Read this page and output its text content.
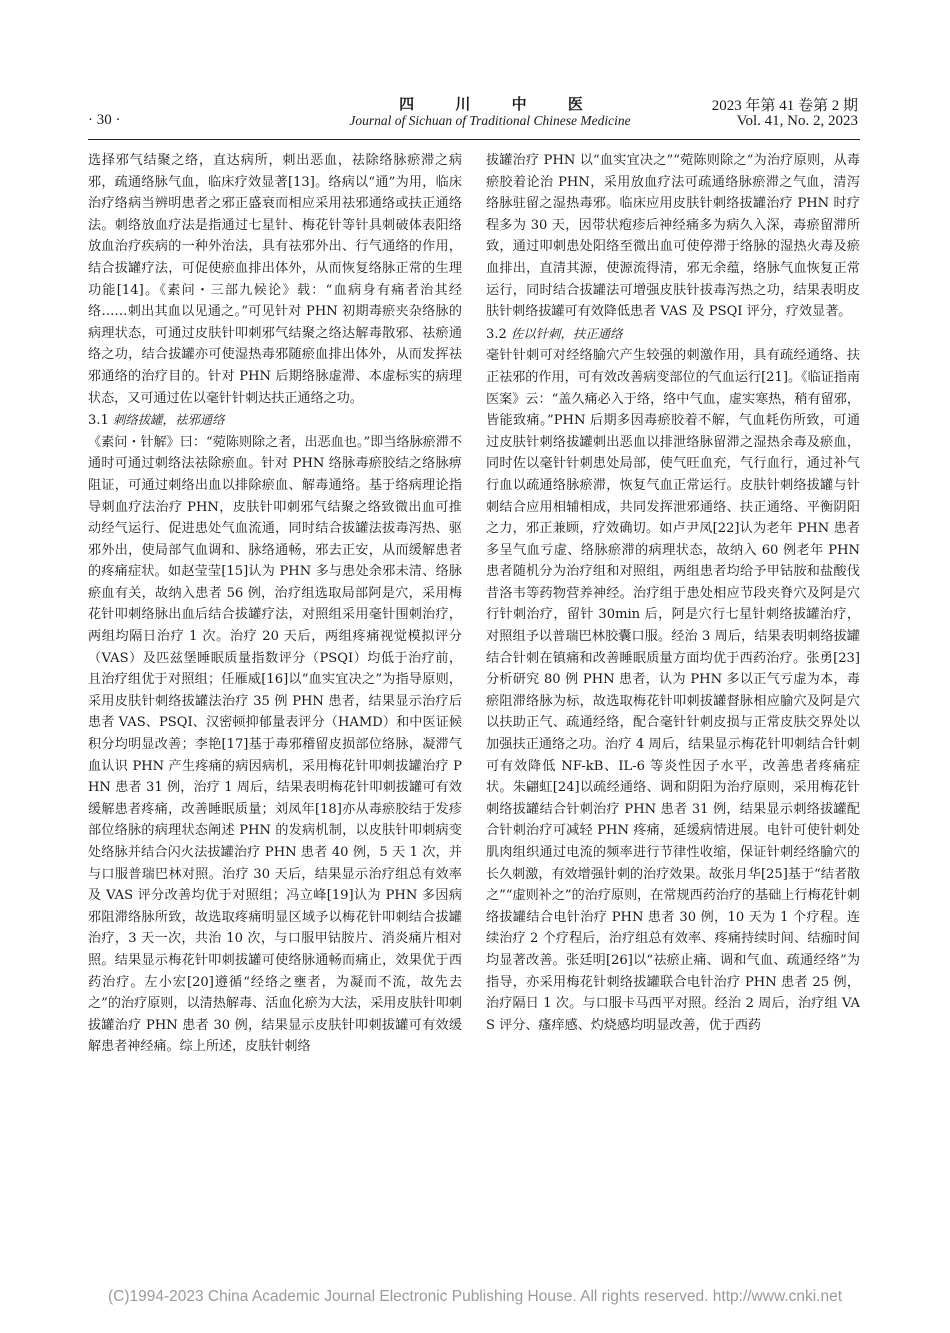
· 30 ·
四 川 中 医
Journal of Sichuan of Traditional Chinese Medicine
2023 年第 41 卷第 2 期
Vol. 41, No. 2, 2023

选择邪气结聚之络，直达病所，刺出恶血，祛除络脉瘀滞之病邪，疏通络脉气血，临床疗效显著[13]。络病以“通”为用，临床治疗络病当辨明患者之邪正盛衰而相应采用祛邪通络或扶正通络法。刺络放血疗法是指通过七星针、梅花针等针具刺破体表阳络放血治疗疾病的一种外治法，具有祛邪外出、行气通络的作用，结合拔罐疗法，可促使瘀血排出体外，从而恢复络脉正常的生理功能[14]。《素问・三部九候论》载：“血病身有痛者治其经络……刺出其血以见通之。”可见针对 PHN 初期毒瘀夹杂络脉的病理状态，可通过皮肤针叩刺邪气结聚之络达解毒散邪、祛瘀通络之功，结合拔罐亦可使湿热毒邪随瘀血排出体外，从而发挥祛邪通络的治疗目的。针对 PHN 后期络脉虚滞、本虚标实的病理状态，又可通过佐以毫针针刺达扶正通络之功。

3.1 刺络拔罐，祛邪通络

《素问・针解》曰：“菀陈则除之者，出恶血也。”即当络脉瘀滞不通时可通过刺络法祛除瘀血。针对 PHN 络脉毒瘀胶结之络脉痹阻证，可通过刺络出血以排除瘀血、解毒通络。基于络病理论指导刺血疗法治疗 PHN，皮肤针叩刺邪气结聚之络致微出血可推动经气运行、促进患处气血流通，同时结合拔罐法拔毒泻热、驱邪外出，使局部气血调和、脉络通畅，邪去正安，从而缓解患者的疼痛症状。如赵莹莹[15]认为 PHN 多与患处余邪未清、络脉瘀血有关，故纳入患者 56 例，治疗组选取局部阿是穴，采用梅花针叩刺络脉出血后结合拔罐疗法，对照组采用毫针围刺治疗，两组均隔日治疗 1 次。治疗 20 天后，两组疼痛视觉模拟评分（VAS）及匹兹堡睡眠质量指数评分（PSQI）均低于治疗前，且治疗组优于对照组；任雁威[16]以“血实宜决之”为指导原则，采用皮肤针刺络拔罐法治疗 35 例 PHN 患者，结果显示治疗后患者 VAS、PSQI、汉密顿抑郁量表评分（HAMD）和中医证候积分均明显改善；李艳[17]基于毒邪稽留皮损部位络脉，凝滞气血认识 PHN 产生疼痛的病因病机，采用梅花针叩刺拔罐治疗 PHN 患者 31 例，治疗 1 周后，结果表明梅花针叩刺拔罐可有效缓解患者疼痛，改善睡眠质量；刘凤年[18]亦从毒瘀胶结于发疹部位络脉的病理状态阐述 PHN 的发病机制，以皮肤针叩刺病变处络脉并结合闪火法拔罐治疗 PHN 患者 40 例，5 天 1 次，并与口服普瑞巴林对照。治疗 30 天后，结果显示治疗组总有效率及 VAS 评分改善均优于对照组；冯立峰[19]认为 PHN 多因病邪阻滞络脉所致，故选取疼痛明显区域予以梅花针叩刺结合拔罐治疗，3 天一次，共治 10 次，与口服甲钴胺片、消炎痛片相对照。结果显示梅花针叩刺拔罐可使络脉通畅而痛止，效果优于西药治疗。左小宏[20]遵循“经络之壅者，为凝而不流，故先去之”的治疗原则，以清热解毒、活血化瘀为大法，采用皮肤针叩刺拔罐治疗 PHN 患者 30 例，结果显示皮肤针叩刺拔罐可有效缓解患者神经痛。综上所述，皮肤针刺络

拔罐治疗 PHN 以“血实宜决之”“菀陈则除之”为治疗原则，从毒瘀胶着论治 PHN，采用放血疗法可疏通络脉瘀滞之气血，清泻络脉驻留之湿热毒邪。临床应用皮肤针刺络拔罐治疗 PHN 时疗程多为 30 天，因带状疱疹后神经痛多为病久入深，毒瘀留滞所致，通过叩刺患处阳络至微出血可使停滞于络脉的湿热火毒及瘀血排出，直清其源，使源流得清，邪无余蕴，络脉气血恢复正常运行，同时结合拔罐法可增强皮肤针拔毒泻热之功，结果表明皮肤针刺络拔罐可有效降低患者 VAS 及 PSQI 评分，疗效显著。

3.2 佐以针刺，扶正通络

毫针针刺可对经络腧穴产生较强的刺激作用，具有疏经通络、扶正祛邪的作用，可有效改善病变部位的气血运行[21]。《临证指南医案》云：“盖久痛必入于络，络中气血，虚实寒热，稍有留邪，皆能致痛。”PHN 后期多因毒瘀胶着不解，气血耗伤所致，可通过皮肤针刺络拔罐刺出恶血以排泄络脉留滞之湿热余毒及瘀血，同时佐以毫针针刺患处局部，使气旺血充，气行血行，通过补气行血以疏通络脉瘀滞，恢复气血正常运行。皮肤针刺络拔罐与针刺结合应用相辅相成，共同发挥泄邪通络、扶正通络、平衡阴阳之力，邪正兼顾，疗效确切。如卢尹凤[22]认为老年 PHN 患者多呈气血亏虚、络脉瘀滞的病理状态，故纳入 60 例老年 PHN 患者随机分为治疗组和对照组，两组患者均给予甲钴胺和盐酸伐昔洛韦等药物营养神经。治疗组于患处相应节段夹脊穴及阿是穴行针刺治疗，留针 30min 后，阿是穴行七星针刺络拔罐治疗，对照组予以普瑞巴林胶囊口服。经治 3 周后，结果表明刺络拔罐结合针刺在镇痛和改善睡眠质量方面均优于西药治疗。张勇[23]分析研究 80 例 PHN 患者，认为 PHN 多以正气亏虚为本，毒瘀阻滞络脉为标，故选取梅花针叩刺拔罐督脉相应腧穴及阿是穴以扶助正气、疏通经络，配合毫针针刺皮损与正常皮肤交界处以加强扶正通络之功。治疗 4 周后，结果显示梅花针叩刺结合针刺可有效降低 NF-kB、IL-6 等炎性因子水平，改善患者疼痛症状。朱翩虹[24]以疏经通络、调和阴阳为治疗原则，采用梅花针刺络拔罐结合针刺治疗 PHN 患者 31 例，结果显示刺络拔罐配合针刺治疗可减轻 PHN 疼痛，延缓病情进展。电针可使针刺处肌肉组织通过电流的频率进行节律性收缩，保证针刺经络腧穴的长久刺激，有效增强针刺的治疗效果。故张月华[25]基于“结者散之”“虚则补之”的治疗原则，在常规西药治疗的基础上行梅花针刺络拔罐结合电针治疗 PHN 患者 30 例，10 天为 1 个疗程。连续治疗 2 个疗程后，治疗组总有效率、疼痛持续时间、结痂时间均显著改善。张廷明[26]以“祛瘀止痛、调和气血、疏通经络”为指导，亦采用梅花针刺络拔罐联合电针治疗 PHN 患者 25 例，治疗隔日 1 次。与口服卡马西平对照。经治 2 周后，治疗组 VAS 评分、瘙痒感、灼烧感均明显改善，优于西药

(C)1994-2023 China Academic Journal Electronic Publishing House. All rights reserved. http://www.cnki.net
